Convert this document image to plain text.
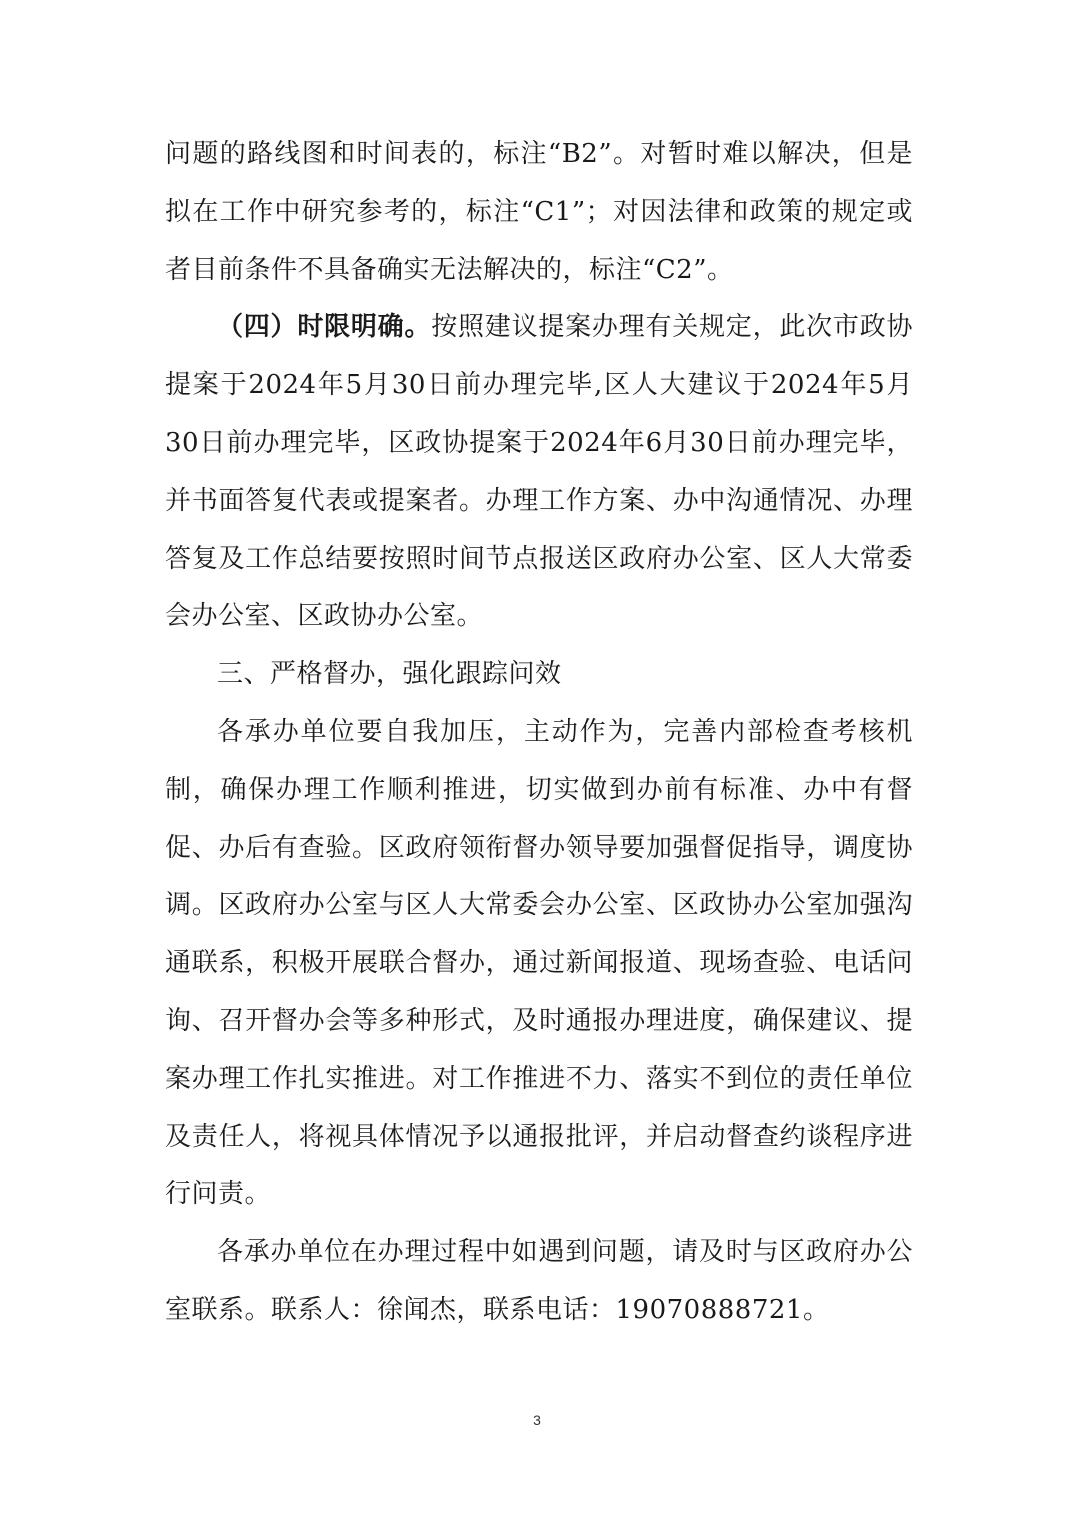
问题的路线图和时间表的，标注“B2”。对暂时难以解决，但是拟在工作中研究参考的，标注“C1”；对因法律和政策的规定或者目前条件不具备确实无法解决的，标注“C2”。

（四）时限明确。按照建议提案办理有关规定，此次市政协提案于2024年5月30日前办理完毕,区人大建议于2024年5月30日前办理完毕，区政协提案于2024年6月30日前办理完毕，并书面答复代表或提案者。办理工作方案、办中沟通情况、办理答复及工作总结要按照时间节点报送区政府办公室、区人大常委会办公室、区政协办公室。

三、严格督办，强化跟踪问效

各承办单位要自我加压，主动作为，完善内部检查考核机制，确保办理工作顺利推进，切实做到办前有标准、办中有督促、办后有查验。区政府领衔督办领导要加强督促指导，调度协调。区政府办公室与区人大常委会办公室、区政协办公室加强沟通联系，积极开展联合督办，通过新闻报道、现场查验、电话问询、召开督办会等多种形式，及时通报办理进度，确保建议、提案办理工作扎实推进。对工作推进不力、落实不到位的责任单位及责任人，将视具体情况予以通报批评，并启动督查约谈程序进行问责。

各承办单位在办理过程中如遇到问题，请及时与区政府办公室联系。联系人：徐闻杰，联系电话：19070888721。

3
